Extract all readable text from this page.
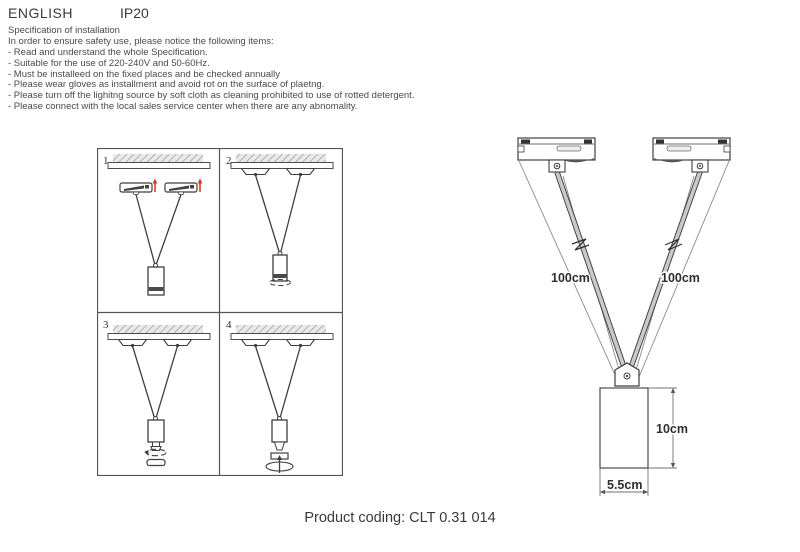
ENGLISH	IP20
Specification of installation
In order to ensure safety use, please notice the following items:
- Read and understand the whole Specification.
- Suitable for the use of 220-240V and 50-60Hz.
- Must be installeed on the fixed places and be checked annually
- Please wear gloves as installment and avoid rot on the surface of plaetng.
- Please turn off the lighitng source by soft cloth as cleaning prohibited to use of rotted detergent.
- Please connect with the local sales service center when there are any abnomality.
1	2
3	4
100cm	100cm
10cm
5.5cm
Product coding: CLT 0.31 014
